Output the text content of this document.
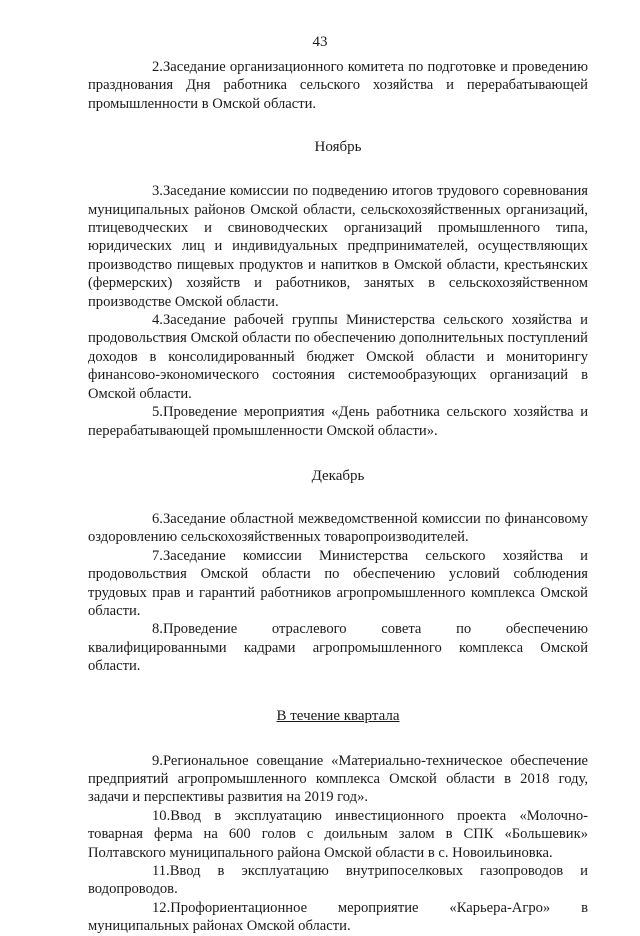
43

2.Заседание организационного комитета по подготовке и проведению празднования Дня работника сельского хозяйства и перерабатывающей промышленности в Омской области.

Ноябрь

3.Заседание комиссии по подведению итогов трудового соревнования муниципальных районов Омской области, сельскохозяйственных организаций, птицеводческих и свиноводческих организаций промышленного типа, юридических лиц и индивидуальных предпринимателей, осуществляющих производство пищевых продуктов и напитков в Омской области, крестьянских (фермерских) хозяйств и работников, занятых в сельскохозяйственном производстве Омской области.

4.Заседание рабочей группы Министерства сельского хозяйства и продовольствия Омской области по обеспечению дополнительных поступлений доходов в консолидированный бюджет Омской области и мониторингу финансово-экономического состояния системообразующих организаций в Омской области.

5.Проведение мероприятия «День работника сельского хозяйства и перерабатывающей промышленности Омской области».

Декабрь

6.Заседание областной межведомственной комиссии по финансовому оздоровлению сельскохозяйственных товаропроизводителей.

7.Заседание комиссии Министерства сельского хозяйства и продовольствия Омской области по обеспечению условий соблюдения трудовых прав и гарантий работников агропромышленного комплекса Омской области.

8.Проведение отраслевого совета по обеспечению квалифицированными кадрами агропромышленного комплекса Омской области.

В течение квартала

9.Региональное совещание «Материально-техническое обеспечение предприятий агропромышленного комплекса Омской области в 2018 году, задачи и перспективы развития на 2019 год».

10.Ввод в эксплуатацию инвестиционного проекта «Молочно-товарная ферма на 600 голов с доильным залом в СПК «Большевик» Полтавского муниципального района Омской области в с. Новоильиновка.

11.Ввод в эксплуатацию внутрипоселковых газопроводов и водопроводов.

12.Профориентационное мероприятие «Карьера-Агро» в муниципальных районах Омской области.
